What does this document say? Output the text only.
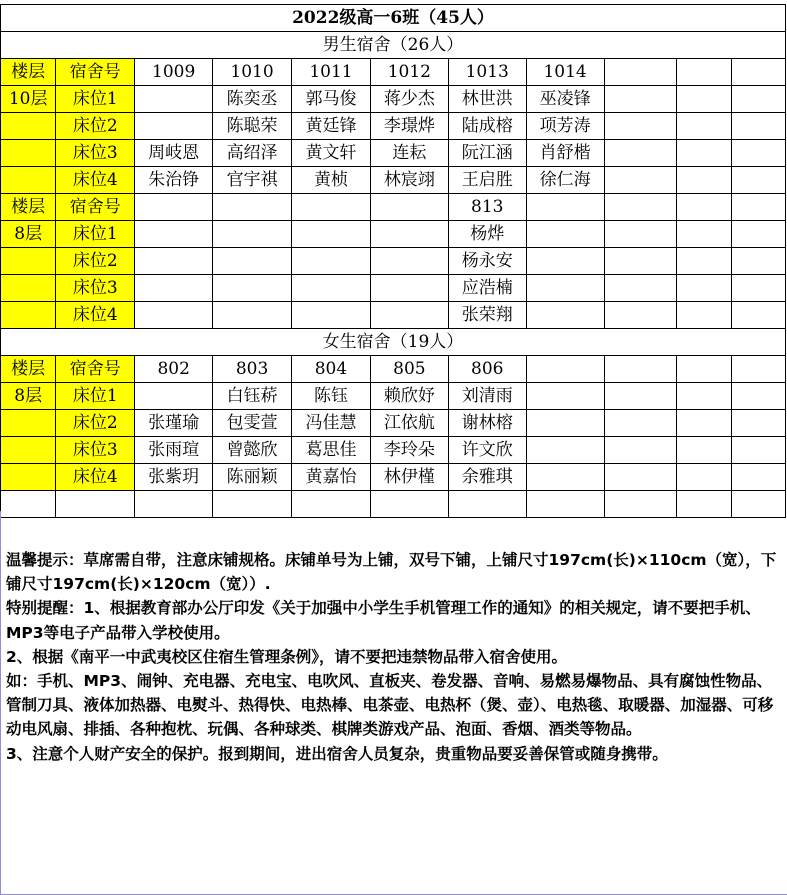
2022级高一6班（45人）										
男生宿舍（26人）										
楼层	宿舍号	1009	1010	1011	1012	1013	1014			
10层	床位1		陈奕丞	郭马俊	蒋少杰	林世洪	巫凌锋			
	床位2		陈聪荣	黄廷锋	李璟烨	陆成榕	项芳涛			
	床位3	周岐恩	高绍泽	黄文轩	连耘	阮江涵	肖舒楷			
	床位4	朱治铮	官宇祺	黄桢	林宸翊	王启胜	徐仁海			
楼层	宿舍号					813				
8层	床位1					杨烨				
	床位2					杨永安				
	床位3					应浩楠				
	床位4					张荣翔				
女生宿舍（19人）										
楼层	宿舍号	802	803	804	805	806				
8层	床位1		白钰菥	陈钰	赖欣妤	刘清雨				
	床位2	张瑾瑜	包雯萱	冯佳慧	江依航	谢林榕				
	床位3	张雨瑄	曾懿欣	葛思佳	李玲朵	许文欣				
	床位4	张紫玥	陈丽颖	黄嘉怡	林伊槿	余雅琪				

温馨提示：草席需自带，注意床铺规格。床铺单号为上铺，双号下铺，上铺尺寸197cm(长)×110cm（宽），下铺尺寸197cm(长)×120cm（宽））.

特别提醒：1、根据教育部办公厅印发《关于加强中小学生手机管理工作的通知》的相关规定，请不要把手机、MP3等电子产品带入学校使用。

2、根据《南平一中武夷校区住宿生管理条例》，请不要把违禁物品带入宿舍使用。

如：手机、MP3、闹钟、充电器、充电宝、电吹风、直板夹、卷发器、音响、易燃易爆物品、具有腐蚀性物品、管制刀具、液体加热器、电熨斗、热得快、电热棒、电茶壶、电热杯（煲、壶）、电热毯、取暖器、加湿器、可移动电风扇、排插、各种抱枕、玩偶、各种球类、棋牌类游戏产品、泡面、香烟、酒类等物品。

3、注意个人财产安全的保护。报到期间，进出宿舍人员复杂，贵重物品要妥善保管或随身携带。
